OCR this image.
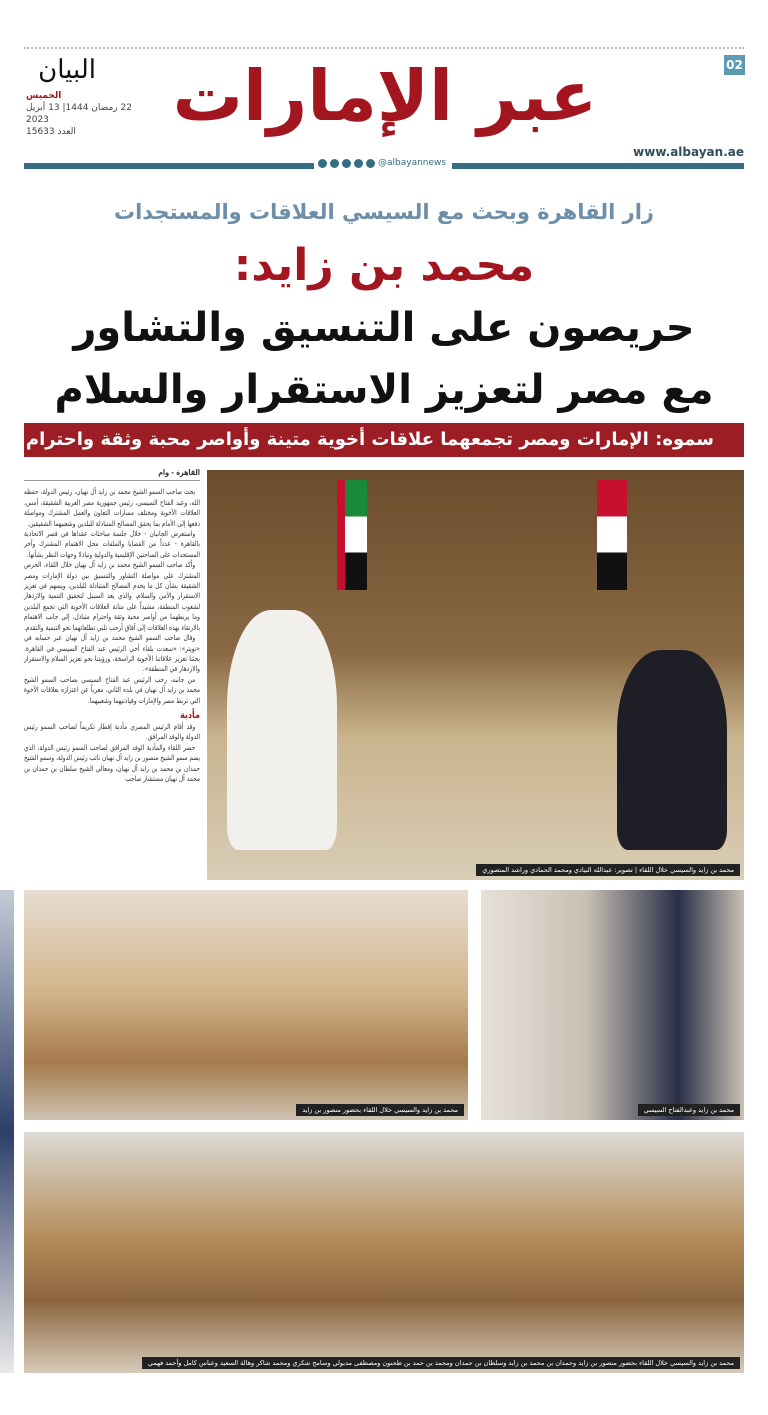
02
البيان
الخميس
22 رمضان 1444| 13 أبريل 2023
العدد 15633	عبر الإمارات
www.albayan.ae
@albayannews
زار القاهرة وبحث مع السيسي العلاقات والمستجدات
محمد بن زايد:
حريصون على التنسيق والتشاور
مع مصر لتعزيز الاستقرار والسلام
سموه: الإمارات ومصر تجمعهما علاقات أخوية متينة وأواصر محبة وثقة واحترام
محمد بن زايد والسيسي خلال اللقاء | تصوير: عبدالله النيادي ومحمد الحمادي وراشد المنصوري
محمد بن زايد والسيسي خلال اللقاء بحضور منصور بن زايد	محمد بن زايد وعبدالفتاح السيسي
محمد بن زايد والسيسي خلال اللقاء بحضور منصور بن زايد وحمدان بن محمد بن زايد وسلطان بن حمدان ومحمد بن حمد بن طحنون ومصطفى مدبولي وسامح شكري ومحمد شاكر وهالة السعيد وعباس كامل وأحمد فهمي
القاهرة - وام

بحث صاحب السمو الشيخ محمد بن زايد آل نهيان، رئيس الدولة، حفظه الله، وعبد الفتاح السيسي، رئيس جمهورية مصر العربية الشقيقة، أمس، العلاقات الأخوية ومختلف مسارات التعاون والعمل المشترك ومواصلة دفعها إلى الأمام بما يحقق المصالح المتبادلة للبلدين وشعبيهما الشقيقين.

واستعرض الجانبان - خلال جلسة مباحثات عقداها في قصر الاتحادية بالقاهرة - عدداً من القضايا والملفات محل الاهتمام المشترك وآخر المستجدات على الساحتين الإقليمية والدولية وتبادلا وجهات النظر بشأنها.

وأكد صاحب السمو الشيخ محمد بن زايد آل نهيان خلال اللقاء، الحرص المشترك على مواصلة التشاور والتنسيق بين دولة الإمارات ومصر الشقيقة بشأن كل ما يخدم المصالح المتبادلة للبلدين، ويسهم في تعزيز الاستقرار والأمن والسلام، والذي يعد السبيل لتحقيق التنمية والازدهار لشعوب المنطقة، مشيداً على متانة العلاقات الأخوية التي تجمع البلدين وما يربطهما من أواصر محبة وثقة واحترام متبادل، إلى جانب الاهتمام بالارتقاء بهذه العلاقات إلى آفاق أرحب تلبي تطلعاتهما نحو التنمية والتقدم.

وقال صاحب السمو الشيخ محمد بن زايد آل نهيان عبر حسابه في «تويتر»: «سعدت بلقاء أخي الرئيس عبد الفتاح السيسي في القاهرة. بحثنا تعزيز علاقاتنا الأخوية الراسخة، ورؤيتنا نحو تعزيز السلام والاستقرار والازدهار في المنطقة».

من جانبه، رحب الرئيس عبد الفتاح السيسي بصاحب السمو الشيخ محمد بن زايد آل نهيان في بلده الثاني، معرباً عن اعتزازه بعلاقات الأخوة التي تربط مصر والإمارات وقيادتيهما وشعبيهما.

مأدبة

وقد أقام الرئيس المصري مأدبة إفطار تكريماً لصاحب السمو رئيس الدولة والوفد المرافق.

حضر اللقاء والمأدبة الوفد المرافق لصاحب السمو رئيس الدولة، الذي يضم سمو الشيخ منصور بن زايد آل نهيان نائب رئيس الدولة، وسمو الشيخ حمدان بن محمد بن زايد آل نهيان، ومعالي الشيخ سلطان بن حمدان بن محمد آل نهيان مستشار صاحب
